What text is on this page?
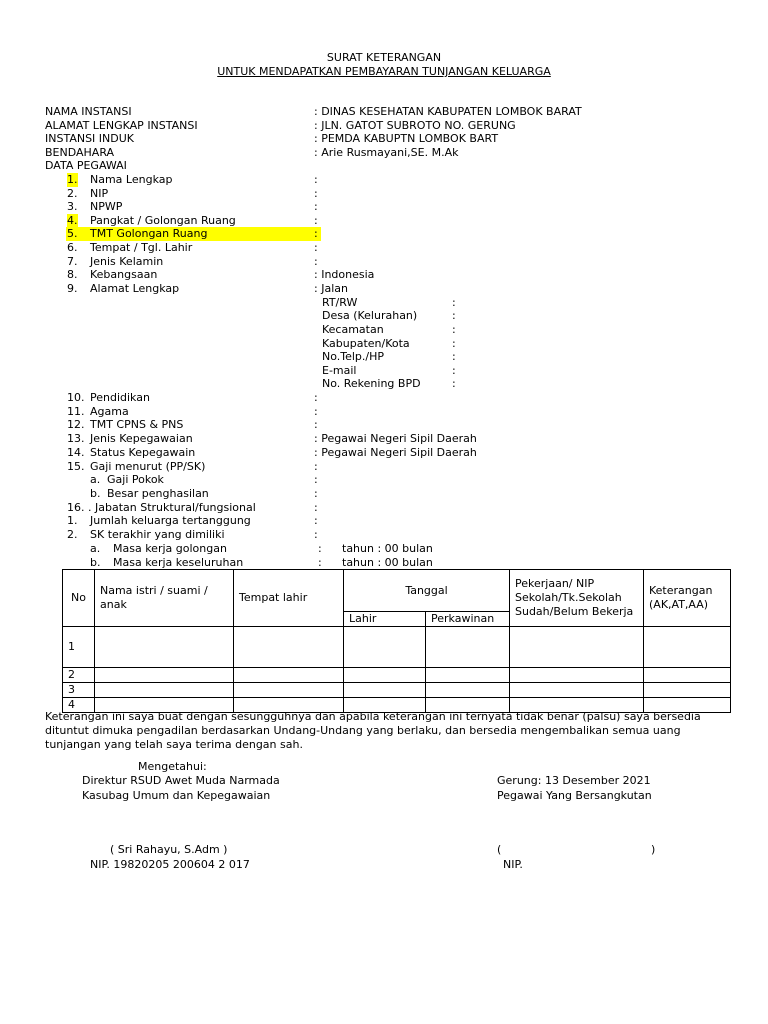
SURAT KETERANGAN
UNTUK MENDAPATKAN PEMBAYARAN TUNJANGAN KELUARGA
NAMA INSTANSI	: DINAS KESEHATAN KABUPATEN LOMBOK BARAT
ALAMAT LENGKAP INSTANSI	: JLN. GATOT SUBROTO NO. GERUNG
INSTANSI INDUK	: PEMDA KABUPTN LOMBOK BART
BENDAHARA	: Arie Rusmayani,SE. M.Ak
DATA PEGAWAI
1. Nama Lengkap	:
2. NIP	:
3. NPWP	:
4. Pangkat / Golongan Ruang	:
5. TMT Golongan Ruang	:
6. Tempat / Tgl. Lahir	:
7. Jenis Kelamin	:
8. Kebangsaan	: Indonesia
9. Alamat Lengkap	: Jalan
RT/RW	:
Desa (Kelurahan)	:
Kecamatan	:
Kabupaten/Kota	:
No.Telp./HP	:
E-mail	:
No. Rekening BPD	:
10. Pendidikan	:
11. Agama	:
12. TMT CPNS & PNS	:
13. Jenis Kepegawaian	: Pegawai Negeri Sipil Daerah
14. Status Kepegawain	: Pegawai Negeri Sipil Daerah
15. Gaji menurut (PP/SK)	:
a. Gaji Pokok	:
b. Besar penghasilan	:
16. . Jabatan Struktural/fungsional	:
1. Jumlah keluarga tertanggung	:
2. SK terakhir yang dimiliki	:
a. Masa kerja golongan	: tahun : 00 bulan
b. Masa kerja keseluruhan	: tahun : 00 bulan
No	Nama istri / suami / anak	Tempat lahir	Tanggal		Pekerjaan/ NIP Sekolah/Tk.Sekolah Sudah/Belum Bekerja	Keterangan (AK,AT,AA)
			Lahir	Perkawinan		
1						
2						
3						
4						
Keterangan ini saya buat dengan sesungguhnya dan apabila keterangan ini ternyata tidak benar (palsu) saya bersedia
dituntut dimuka pengadilan berdasarkan Undang-Undang yang berlaku, dan bersedia mengembalikan semua uang
tunjangan yang telah saya terima dengan sah.
Mengetahui:
Direktur RSUD Awet Muda Narmada
Kasubag Umum dan Kepegawaian
Gerung: 13 Desember 2021
Pegawai Yang Bersangkutan
( Sri Rahayu, S.Adm )
NIP. 19820205 200604 2 017
(	)
NIP.
